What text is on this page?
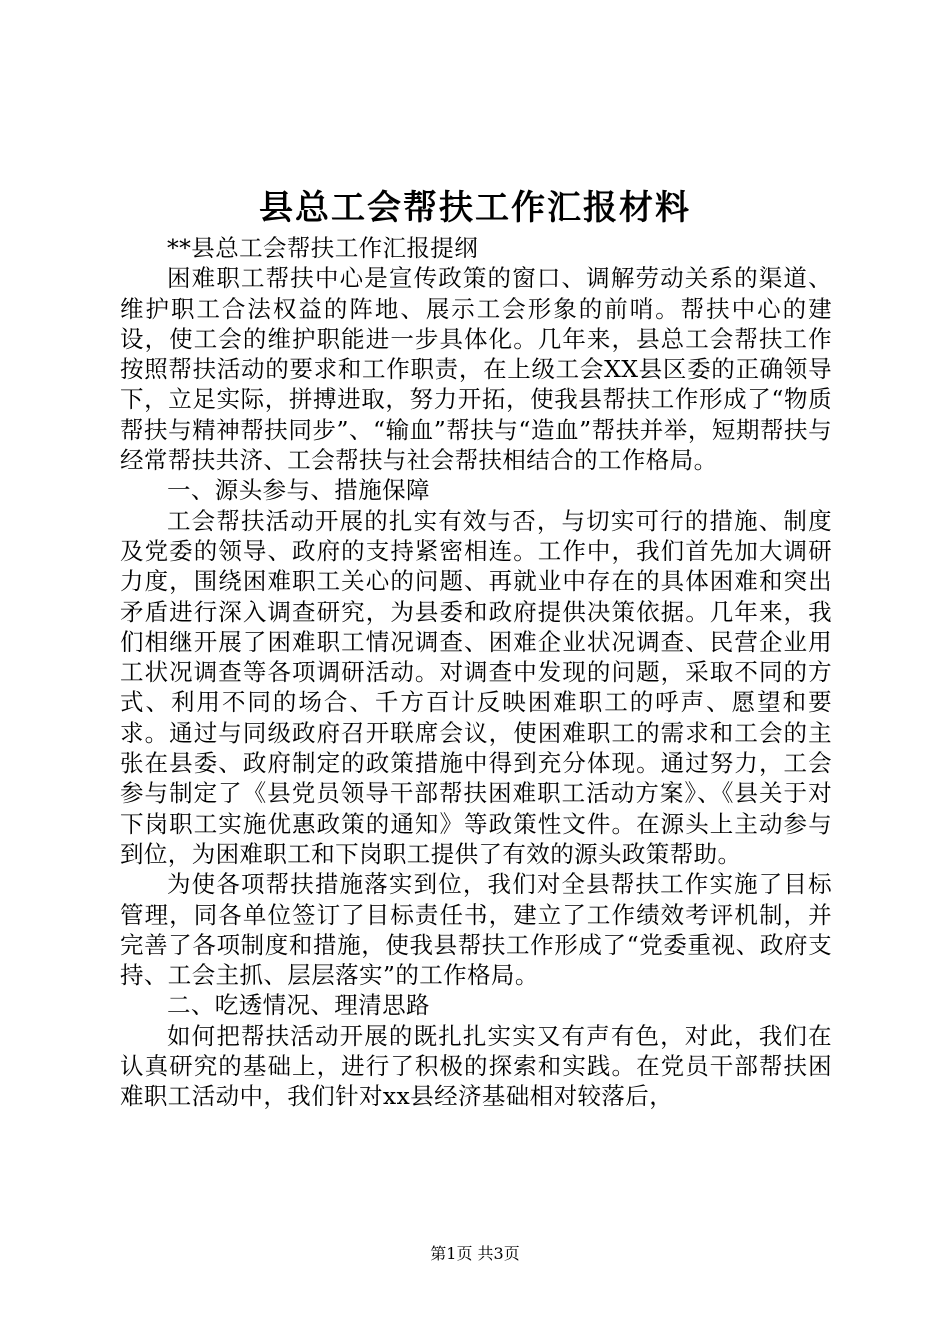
县总工会帮扶工作汇报材料

**县总工会帮扶工作汇报提纲

困难职工帮扶中心是宣传政策的窗口、调解劳动关系的渠道、维护职工合法权益的阵地、展示工会形象的前哨。帮扶中心的建设，使工会的维护职能进一步具体化。几年来，县总工会帮扶工作按照帮扶活动的要求和工作职责，在上级工会XX县区委的正确领导下，立足实际，拼搏进取，努力开拓，使我县帮扶工作形成了“物质帮扶与精神帮扶同步”、“输血”帮扶与“造血”帮扶并举，短期帮扶与经常帮扶共济、工会帮扶与社会帮扶相结合的工作格局。

一、源头参与、措施保障

工会帮扶活动开展的扎实有效与否，与切实可行的措施、制度及党委的领导、政府的支持紧密相连。工作中，我们首先加大调研力度，围绕困难职工关心的问题、再就业中存在的具体困难和突出矛盾进行深入调查研究，为县委和政府提供决策依据。几年来，我们相继开展了困难职工情况调查、困难企业状况调查、民营企业用工状况调查等各项调研活动。对调查中发现的问题，采取不同的方式、利用不同的场合、千方百计反映困难职工的呼声、愿望和要求。通过与同级政府召开联席会议，使困难职工的需求和工会的主张在县委、政府制定的政策措施中得到充分体现。通过努力，工会参与制定了《县党员领导干部帮扶困难职工活动方案》、《县关于对下岗职工实施优惠政策的通知》等政策性文件。在源头上主动参与到位，为困难职工和下岗职工提供了有效的源头政策帮助。

为使各项帮扶措施落实到位，我们对全县帮扶工作实施了目标管理，同各单位签订了目标责任书，建立了工作绩效考评机制，并完善了各项制度和措施，使我县帮扶工作形成了“党委重视、政府支持、工会主抓、层层落实”的工作格局。

二、吃透情况、理清思路

如何把帮扶活动开展的既扎扎实实又有声有色，对此，我们在认真研究的基础上，进行了积极的探索和实践。在党员干部帮扶困难职工活动中，我们针对xx县经济基础相对较落后，

第1页 共3页
